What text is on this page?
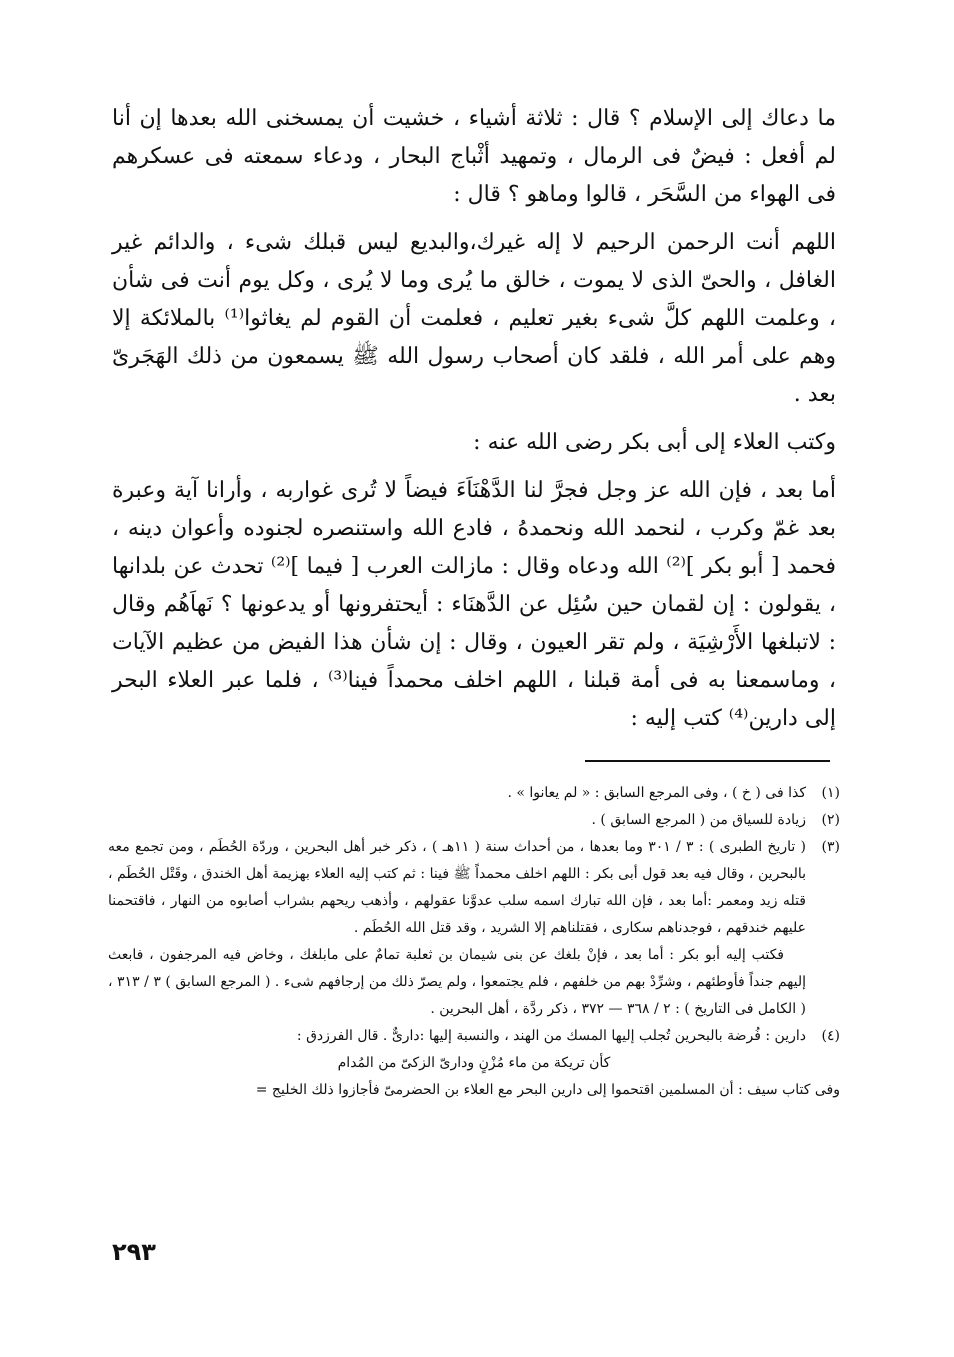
ما دعاك إلى الإسلام ؟ قال : ثلاثة أشياء ، خشيت أن يمسخنى الله بعدها إن أنا لم أفعل : فيضٌ فى الرمال ، وتمهيد أثْباج البحار ، ودعاء سمعته فى عسكرهم فى الهواء من السَّحَر ، قالوا وماهو ؟ قال :

اللهم أنت الرحمن الرحيم لا إله غيرك،والبديع ليس قبلك شىء ، والدائم غير الغافل ، والحىّ الذى لا يموت ، خالق ما يُرى وما لا يُرى ، وكل يوم أنت فى شأن ، وعلمت اللهم كلَّ شىء بغير تعليم ، فعلمت أن القوم لم يغاثوا⁽¹⁾ بالملائكة إلا وهم على أمر الله ، فلقد كان أصحاب رسول الله ﷺ يسمعون من ذلك الهَجَرىّ بعد .

وكتب العلاء إلى أبى بكر رضى الله عنه :

أما بعد ، فإن الله عز وجل فجرَّ لنا الدَّهْنَاَءَ فيضاً لا تُرى غواربه ، وأرانا آية وعبرة بعد غمّ وكرب ، لنحمد الله ونحمدهُ ، فادع الله واستنصره لجنوده وأعوان دينه ، فحمد [ أبو بكر ]⁽²⁾ الله ودعاه وقال : مازالت العرب [ فيما ]⁽²⁾ تحدث عن بلدانها ، يقولون : إن لقمان حين سُئِل عن الدَّهنَاء : أيحتفرونها أو يدعونها ؟ نَهاَهُم وقال : لاتبلغها الأَرْشِيَة ، ولم تقر العيون ، وقال : إن شأن هذا الفيض من عظيم الآيات ، وماسمعنا به فى أمة قبلنا ، اللهم اخلف محمداً فينا⁽³⁾ ، فلما عبر العلاء البحر إلى دارين⁽⁴⁾ كتب إليه :

(١)
كذا فى ( خ ) ، وفى المرجع السابق : « لم يعانوا » .
(٢)
زيادة للسياق من ( المرجع السابق ) .
(٣)
( تاريخ الطبرى ) : ٣ / ٣٠١ وما بعدها ، من أحداث سنة ( ١١هـ ) ، ذكر خبر أهل البحرين ، وردّة الحُطَم ، ومن تجمع معه بالبحرين ، وقال فيه بعد قول أبى بكر : اللهم اخلف محمداً ﷺ فينا : ثم كتب إليه العلاء بهزيمة أهل الخندق ، وقَتْل الحُطَم ، قتله زيد ومعمر :أما بعد ، فإن الله تبارك اسمه سلب عدوَّنا عقولهم ، وأذهب ريحهم بشراب أصابوه من النهار ، فاقتحمنا عليهم خندقهم ، فوجدناهم سكارى ، فقتلناهم إلا الشريد ، وقد قتل الله الحُطَم .

فكتب إليه أبو بكر : أما بعد ، فإنْ بلغك عن بنى شيمان بن ثعلبة تمامٌ على مابلغك ، وخاض فيه المرجفون ، فابعث إليهم جنداً فأوطئهم ، وشرِّدْ بهم من خلفهم ، فلم يجتمعوا ، ولم يصرّ ذلك من إرجافهم شىء . ( المرجع السابق ) ٣ / ٣١٣ ، ( الكامل فى التاريخ ) : ٢ / ٣٦٨ — ٣٧٢ ، ذكر ردَّة ، أهل البحرين .

(٤)
دارين : فُرضة بالبحرين تُجلب إليها المسك من الهند ، والنسبة إليها :دارىٌّ . قال الفرزدق :

كأن تريكة من ماء مُزْنٍ ودارىّ الزكىّ من المُدام

وفى كتاب سيف : أن المسلمين اقتحموا إلى دارين البحر مع العلاء بن الحضرمىّ فأجازوا ذلك الخليج =

٢٩٣
